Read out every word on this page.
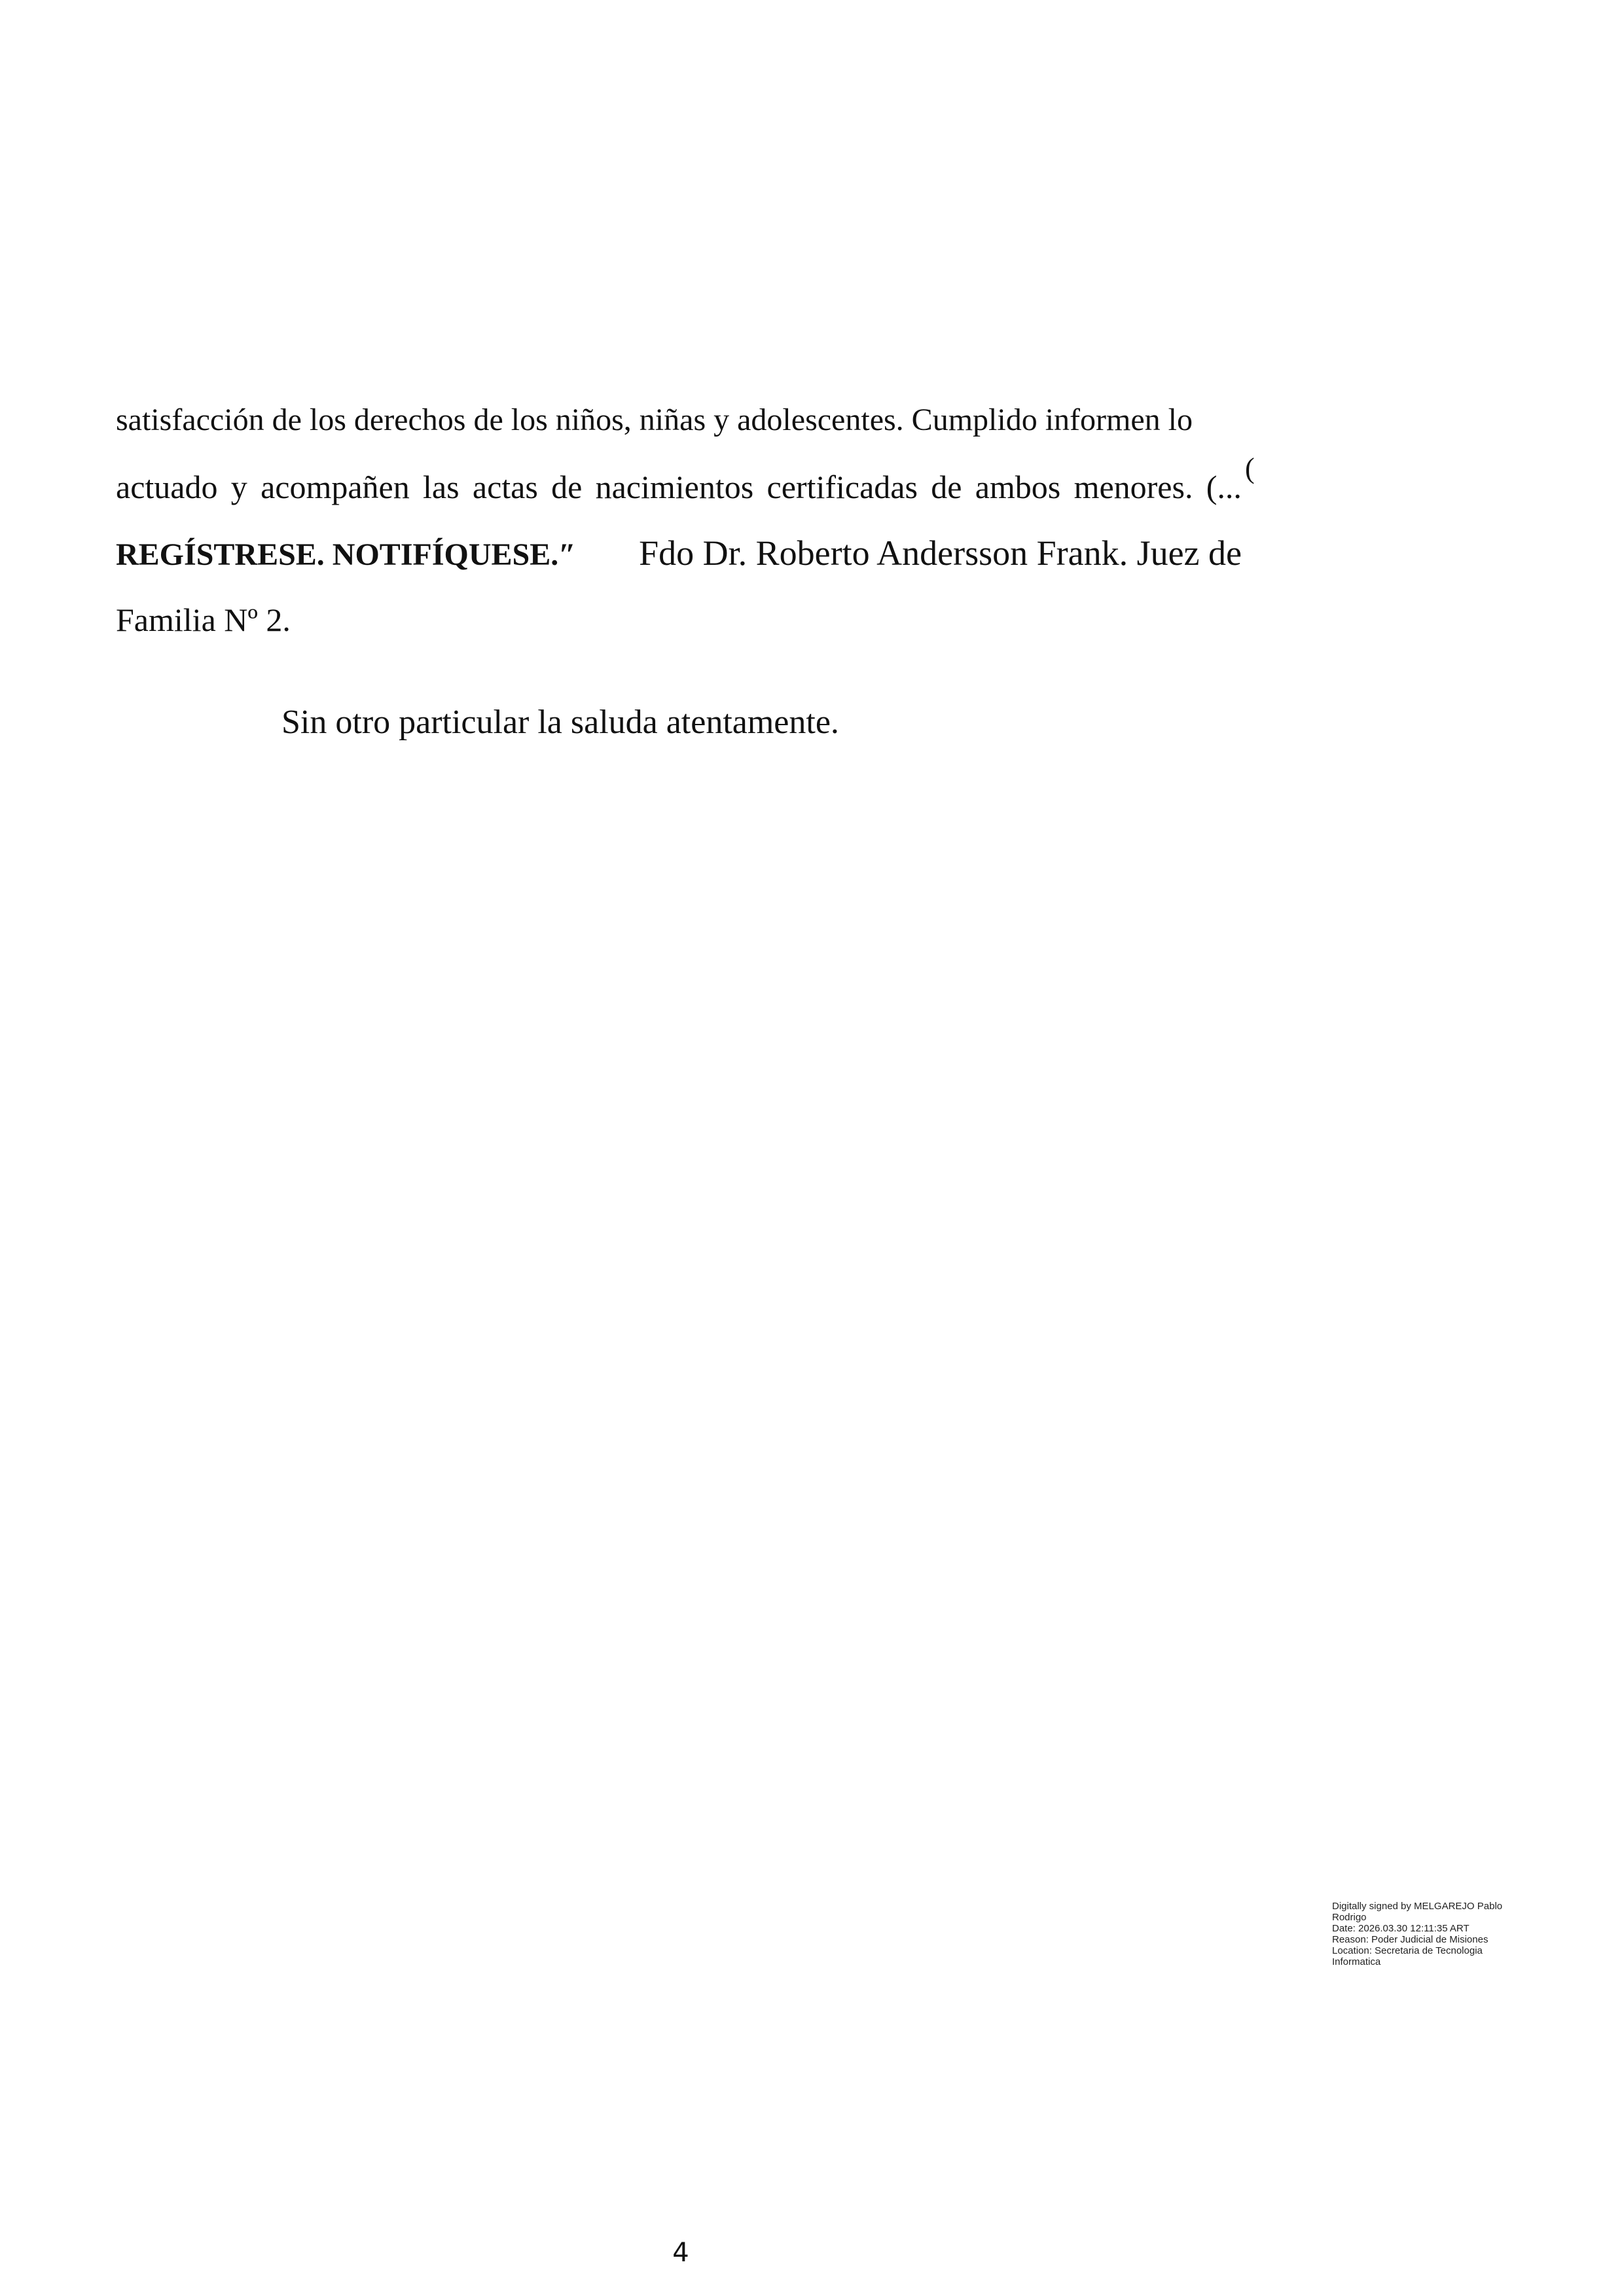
satisfacción de los derechos de los niños, niñas y adolescentes. Cumplido informen lo
actuado y acompañen las actas de nacimientos certificadas de ambos menores. (...
(
REGÍSTRESE. NOTIFÍQUESE.″ Fdo Dr. Roberto Andersson Frank. Juez de
Familia Nº 2.
Sin otro particular la saluda atentamente.
Digitally signed by MELGAREJO Pablo
Rodrigo
Date: 2026.03.30 12:11:35 ART
Reason: Poder Judicial de Misiones
Location: Secretaria de Tecnologia
Informatica
4
